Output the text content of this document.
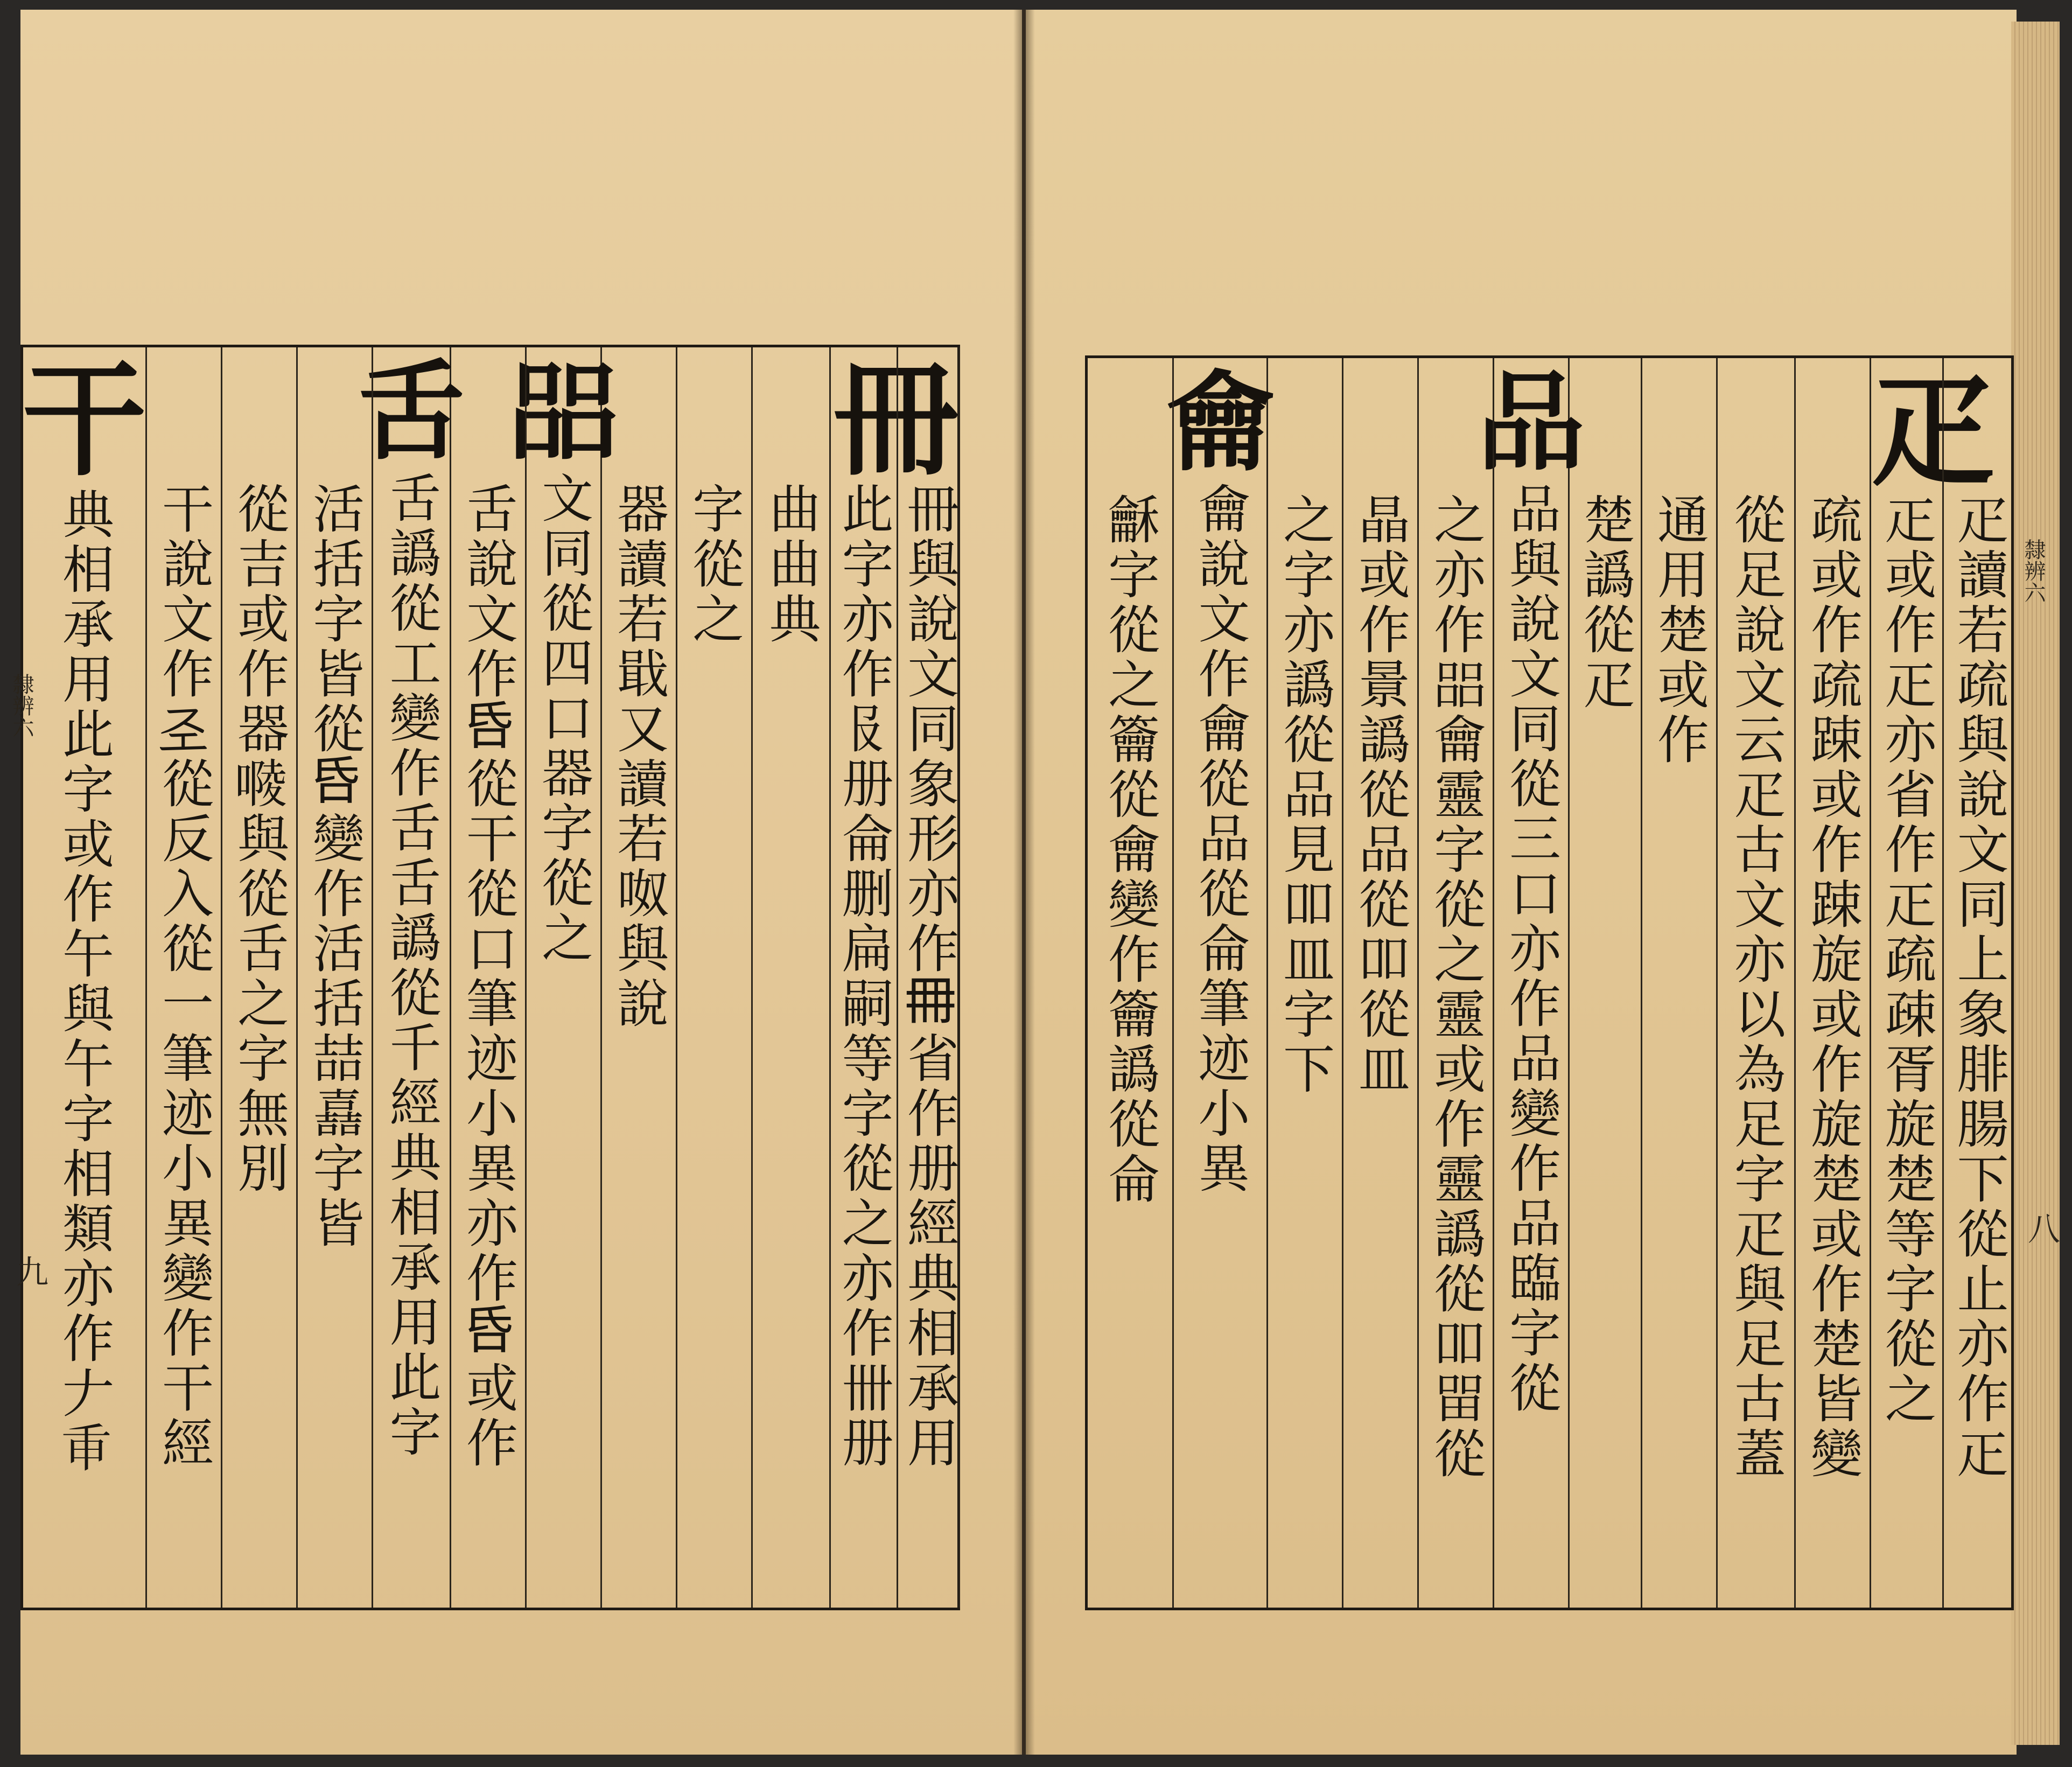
冊
冊與說文同象形亦作𠕋省作册經典相承用
此字亦作𠬝册侖删扁嗣等字從之亦作卌册
曲曲典
字從之
器讀若戢又讀若呶與說
㗊
文同從四口器字從之
舌說文作𠯑從干從口筆迹小異亦作𠯑或作
舌
舌譌從工變作舌舌譌從千經典相承用此字
活括字皆從𠯑變作活括喆嚞字皆
從吉或作器𠻱與從舌之字無別
干說文作𢀖從反入從一筆迹小異變作干經
干
典相承用此字或作午與午字相類亦作𠂇𢆍
隸辨六
九
疋
疋讀若疏與說文同上象腓腸下從止亦作𤴓
𤴓或作𤴓亦省作𤴓疏疎胥旋楚等字從之
疏或作疏踈或作踈旋或作旋楚或作楚皆變
從足說文云疋古文亦以為足字疋與足古蓋
通用楚或作
楚譌從疋
品
品與說文同從三口亦作品變作品臨字從
之亦作㗊龠靈字從之靈或作靈譌從吅㽞從
晶或作㬌譌從品從吅從皿
之字亦譌從品見吅皿字下
龠
龠說文作龠從品從侖筆迹小異
龢字從之籥從龠變作籥譌從侖	隸辨六
八
